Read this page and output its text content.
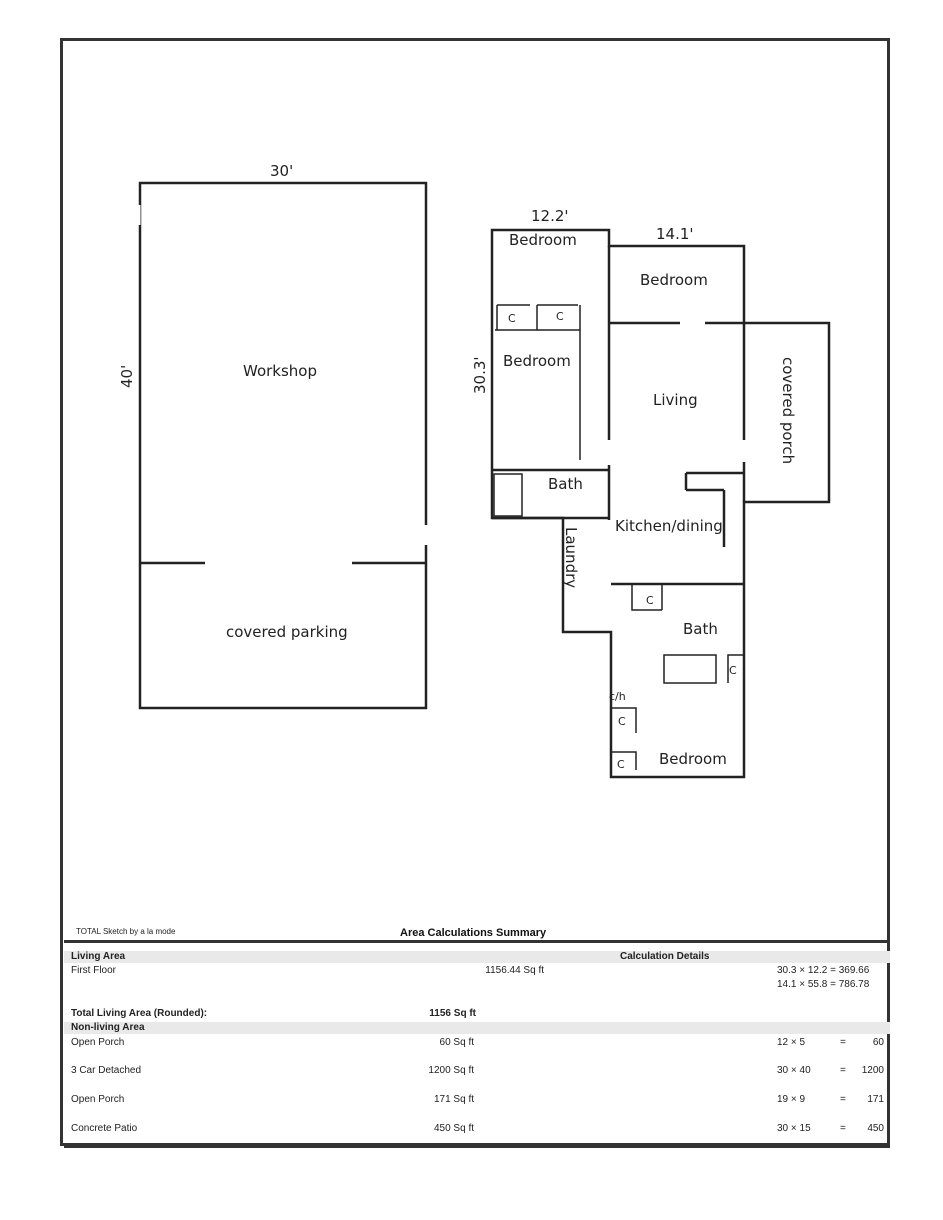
30'
40'	Workshop
covered parking
12.2'
14.1'
30.3'
Bedroom
Bedroom
Bedroom
Living
Bath
Kitchen/dining
Laundry
Bath
Bedroom
covered porch
C	C
C
C
c/h
C
C
TOTAL Sketch by a la mode	Area Calculations Summary
Living Area	Calculation Details
First Floor	1156.44 Sq ft	30.3 × 12.2 = 369.66
14.1 × 55.8 = 786.78
Total Living Area (Rounded):	1156 Sq ft
Non-living Area
Open Porch	60 Sq ft	12 × 5	=	60
3 Car Detached	1200 Sq ft	30 × 40	=	1200
Open Porch	171 Sq ft	19 × 9	=	171
Concrete Patio	450 Sq ft	30 × 15	=	450
